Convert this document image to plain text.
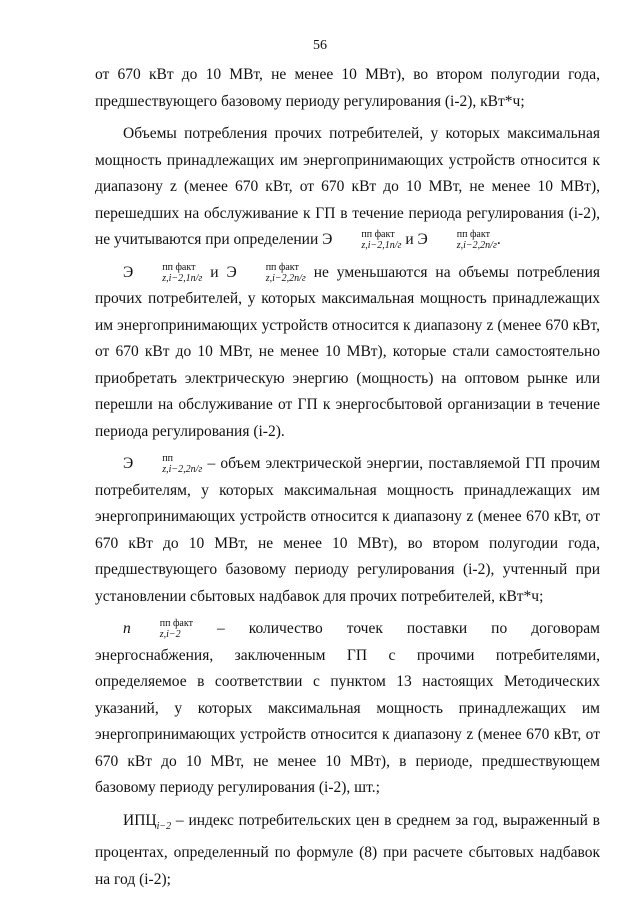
56

от 670 кВт до 10 МВт, не менее 10 МВт), во втором полугодии года, предшествующего базовому периоду регулирования (i-2), кВт*ч;

Объемы потребления прочих потребителей, у которых максимальная мощность принадлежащих им энергопринимающих устройств относится к диапазону z (менее 670 кВт, от 670 кВт до 10 МВт, не менее 10 МВт), перешедших на обслуживание к ГП в течение периода регулирования (i-2), не учитываются при определении Э	пп факт
z,i−2,1п/г и Э	пп факт
z,i−2,2п/г .

Э	пп факт
z,i−2,1п/г и Э	пп факт
z,i−2,2п/г не уменьшаются на объемы потребления прочих потребителей, у которых максимальная мощность принадлежащих им энергопринимающих устройств относится к диапазону z (менее 670 кВт, от 670 кВт до 10 МВт, не менее 10 МВт), которые стали самостоятельно приобретать электрическую энергию (мощность) на оптовом рынке или перешли на обслуживание от ГП к энергосбытовой организации в течение периода регулирования (i-2).

Э	пп
z,i−2,2п/г – объем электрической энергии, поставляемой ГП прочим потребителям, у которых максимальная мощность принадлежащих им энергопринимающих устройств относится к диапазону z (менее 670 кВт, от 670 кВт до 10 МВт, не менее 10 МВт), во втором полугодии года, предшествующего базовому периоду регулирования (i-2), учтенный при установлении сбытовых надбавок для прочих потребителей, кВт*ч;

n	пп факт
z,i−2	– количество точек поставки по договорам энергоснабжения, заключенным ГП с прочими потребителями, определяемое в соответствии с пунктом 13 настоящих Методических указаний, у которых максимальная мощность принадлежащих им энергопринимающих устройств относится к диапазону z (менее 670 кВт, от 670 кВт до 10 МВт, не менее 10 МВт), в периоде, предшествующем базовому периоду регулирования (i-2), шт.;

$ИПЦ_{i-2}$ – индекс потребительских цен в среднем за год, выраженный в процентах, определенный по формуле (8) при расчете сбытовых надбавок на год (i-2);
